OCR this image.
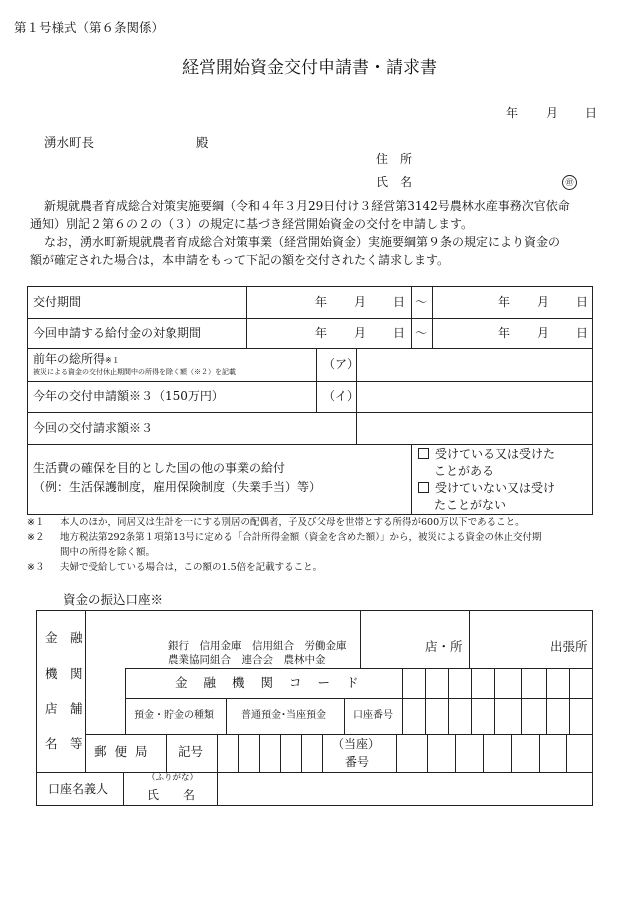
第１号様式（第６条関係）
経営開始資金交付申請書・請求書
年 月 日
湧水町長	殿
住　所
氏　名	㊞
新規就農者育成総合対策実施要綱（令和４年３月29日付け３経営第3142号農林水産事務次官依命
通知）別記２第６の２の（３）の規定に基づき経営開始資金の交付を申請します。
なお，湧水町新規就農者育成総合対策事業（経営開始資金）実施要綱第９条の規定により資金の
額が確定された場合は，本申請をもって下記の額を交付されたく請求します。
交付期間	年 月 日 ～	年 月 日
今回申請する給付金の対象期間	年 月 日 ～	年 月 日
前年の総所得※１
被災による資金の交付休止期間中の所得を除く額（※２）を記載
（ア）
今年の交付申請額※３（150万円）	（イ）
今回の交付請求額※３
生活費の確保を目的とした国の他の事業の給付
（例：生活保護制度，雇用保険制度（失業手当）等）
受けている又は受けた
ことがある
受けていない又は受け
たことがない
※１ 本人のほか，同居又は生計を一にする別居の配偶者，子及び父母を世帯とする所得が600万以下であること。
※２ 地方税法第292条第１項第13号に定める「合計所得金額（資金を含めた額）」から，被災による資金の休止交付期
間中の所得を除く額。
※３ 夫婦で受給している場合は，この額の1.5倍を記載すること。
資金の振込口座※
金　融
機　関
店　舗
名　等
銀行　信用金庫　信用組合　労働金庫
農業協同組合　連合会　農林中金
店・所	出張所
金融機関コード
預金・貯金の種類	普通預金･当座預金	口座番号
郵便局 記号	（当座）
番号
口座名義人
（ふりがな）
氏　　名
